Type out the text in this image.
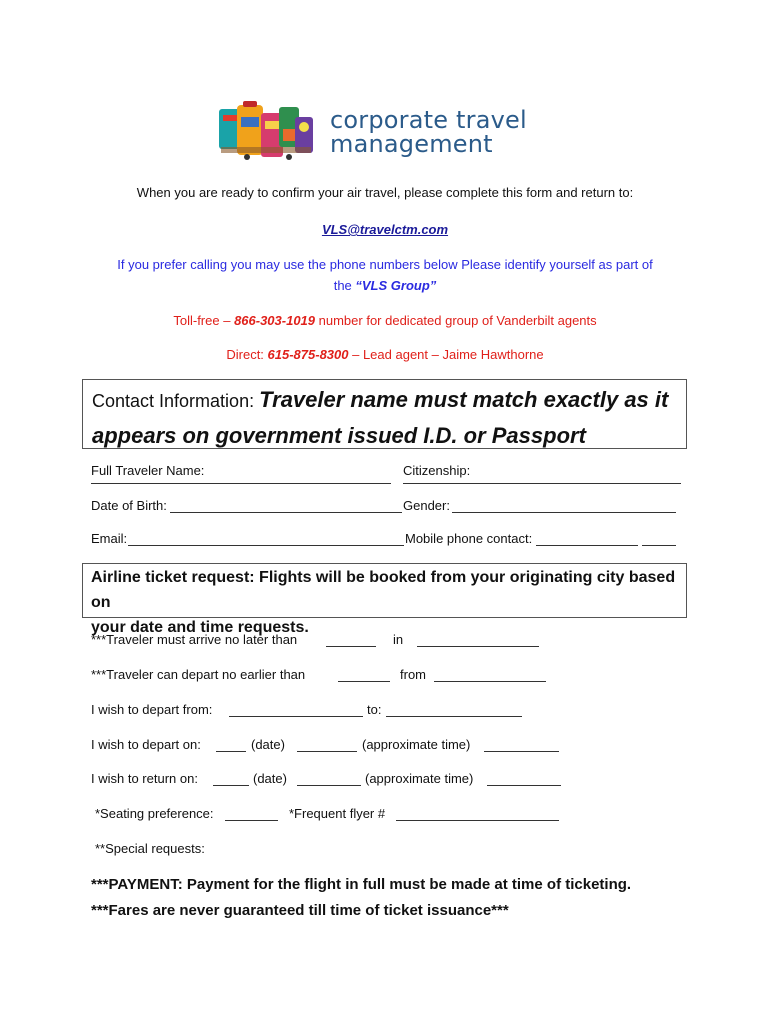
corporate travel
management
When you are ready to confirm your air travel, please complete this form and return to:
VLS@travelctm.com
If you prefer calling you may use the phone numbers below Please identify yourself as part of
the “VLS Group”
Toll-free – 866-303-1019 number for dedicated group of Vanderbilt agents
Direct: 615-875-8300 – Lead agent – Jaime Hawthorne
Contact Information: Traveler name must match exactly as it
appears on government issued I.D. or Passport
Full Traveler Name:	Citizenship:
Date of Birth:	Gender:
Email:	Mobile phone contact:
Airline ticket request: Flights will be booked from your originating city based on
your date and time requests.
***Traveler must arrive no later than	in
***Traveler can depart no earlier than	from
I wish to depart from:	to:
I wish to depart on:	(date)	(approximate time)
I wish to return on:	(date)	(approximate time)
*Seating preference:	*Frequent flyer #
**Special requests:
***PAYMENT: Payment for the flight in full must be made at time of ticketing.
***Fares are never guaranteed till time of ticket issuance***
